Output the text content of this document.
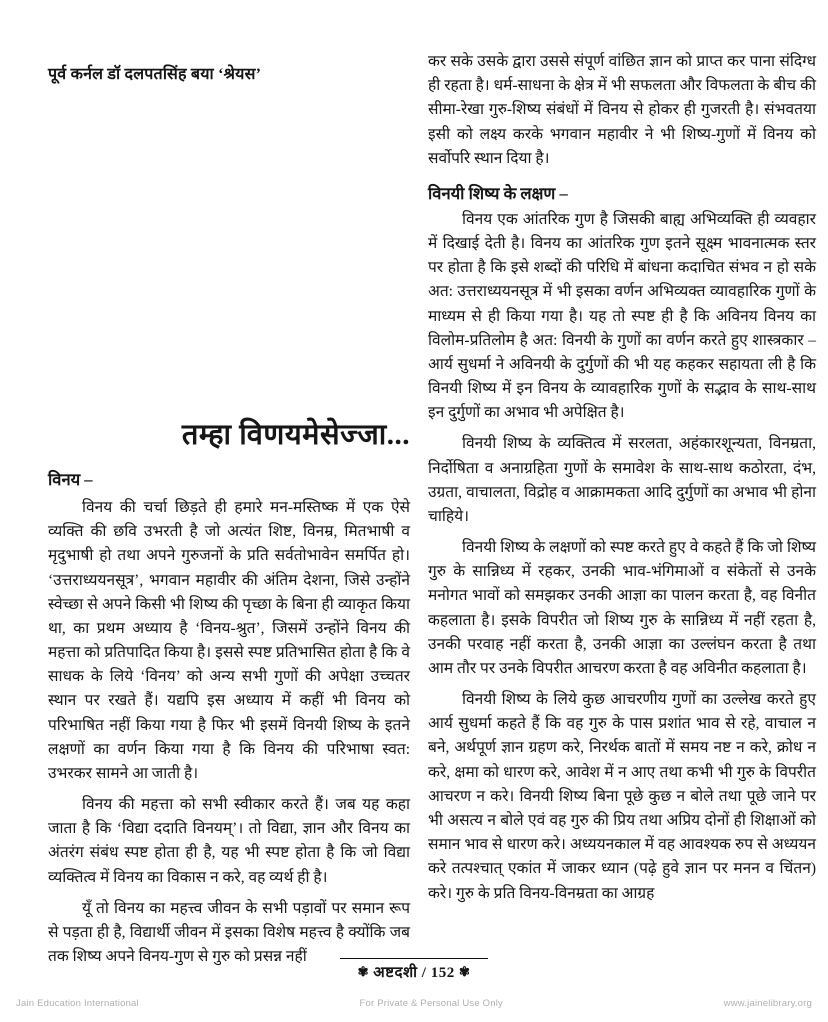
पूर्व कर्नल डॉ दलपतसिंह बया ‘श्रेयस’
तम्हा विणयमेसेज्जा...
विनय –

विनय की चर्चा छिड़ते ही हमारे मन-मस्तिष्क में एक ऐसे व्यक्ति की छवि उभरती है जो अत्यंत शिष्ट, विनम्र, मितभाषी व मृदुभाषी हो तथा अपने गुरुजनों के प्रति सर्वतोभावेन समर्पित हो। ‘उत्तराध्ययनसूत्र’, भगवान महावीर की अंतिम देशना, जिसे उन्होंने स्वेच्छा से अपने किसी भी शिष्य की पृच्छा के बिना ही व्याकृत किया था, का प्रथम अध्याय है ‘विनय-श्रुत’, जिसमें उन्होंने विनय की महत्ता को प्रतिपादित किया है। इससे स्पष्ट प्रतिभासित होता है कि वे साधक के लिये ‘विनय’ को अन्य सभी गुणों की अपेक्षा उच्चतर स्थान पर रखते हैं। यद्यपि इस अध्याय में कहीं भी विनय को परिभाषित नहीं किया गया है फिर भी इसमें विनयी शिष्य के इतने लक्षणों का वर्णन किया गया है कि विनय की परिभाषा स्वत: उभरकर सामने आ जाती है।

विनय की महत्ता को सभी स्वीकार करते हैं। जब यह कहा जाता है कि ‘विद्या ददाति विनयम्’। तो विद्या, ज्ञान और विनय का अंतरंग संबंध स्पष्ट होता ही है, यह भी स्पष्ट होता है कि जो विद्या व्यक्तित्व में विनय का विकास न करे, वह व्यर्थ ही है।

यूँ तो विनय का महत्त्व जीवन के सभी पड़ावों पर समान रूप से पड़ता ही है, विद्यार्थी जीवन में इसका विशेष महत्त्व है क्योंकि जब तक शिष्य अपने विनय-गुण से गुरु को प्रसन्न नहीं

कर सके उसके द्वारा उससे संपूर्ण वांछित ज्ञान को प्राप्त कर पाना संदिग्ध ही रहता है। धर्म-साधना के क्षेत्र में भी सफलता और विफलता के बीच की सीमा-रेखा गुरु-शिष्य संबंधों में विनय से होकर ही गुजरती है। संभवतया इसी को लक्ष्य करके भगवान महावीर ने भी शिष्य-गुणों में विनय को सर्वोपरि स्थान दिया है।

विनयी शिष्य के लक्षण –

विनय एक आंतरिक गुण है जिसकी बाह्य अभिव्यक्ति ही व्यवहार में दिखाई देती है। विनय का आंतरिक गुण इतने सूक्ष्म भावनात्मक स्तर पर होता है कि इसे शब्दों की परिधि में बांधना कदाचित संभव न हो सके अत: उत्तराध्ययनसूत्र में भी इसका वर्णन अभिव्यक्त व्यावहारिक गुणों के माध्यम से ही किया गया है। यह तो स्पष्ट ही है कि अविनय विनय का विलोम-प्रतिलोम है अत: विनयी के गुणों का वर्णन करते हुए शास्त्रकार – आर्य सुधर्मा ने अविनयी के दुर्गुणों की भी यह कहकर सहायता ली है कि विनयी शिष्य में इन विनय के व्यावहारिक गुणों के सद्भाव के साथ-साथ इन दुर्गुणों का अभाव भी अपेक्षित है।

विनयी शिष्य के व्यक्तित्व में सरलता, अहंकारशून्यता, विनम्रता, निर्दोषिता व अनाग्रहिता गुणों के समावेश के साथ-साथ कठोरता, दंभ, उग्रता, वाचालता, विद्रोह व आक्रामकता आदि दुर्गुणों का अभाव भी होना चाहिये।

विनयी शिष्य के लक्षणों को स्पष्ट करते हुए वे कहते हैं कि जो शिष्य गुरु के सान्निध्य में रहकर, उनकी भाव-भंगिमाओं व संकेतों से उनके मनोगत भावों को समझकर उनकी आज्ञा का पालन करता है, वह विनीत कहलाता है। इसके विपरीत जो शिष्य गुरु के सान्निध्य में नहीं रहता है, उनकी परवाह नहीं करता है, उनकी आज्ञा का उल्लंघन करता है तथा आम तौर पर उनके विपरीत आचरण करता है वह अविनीत कहलाता है।

विनयी शिष्य के लिये कुछ आचरणीय गुणों का उल्लेख करते हुए आर्य सुधर्मा कहते हैं कि वह गुरु के पास प्रशांत भाव से रहे, वाचाल न बने, अर्थपूर्ण ज्ञान ग्रहण करे, निरर्थक बातों में समय नष्ट न करे, क्रोध न करे, क्षमा को धारण करे, आवेश में न आए तथा कभी भी गुरु के विपरीत आचरण न करे। विनयी शिष्य बिना पूछे कुछ न बोले तथा पूछे जाने पर भी असत्य न बोले एवं वह गुरु की प्रिय तथा अप्रिय दोनों ही शिक्षाओं को समान भाव से धारण करे। अध्ययनकाल में वह आवश्यक रुप से अध्ययन करे तत्पश्चात् एकांत में जाकर ध्यान (पढ़े हुवे ज्ञान पर मनन व चिंतन) करे। गुरु के प्रति विनय-विनम्रता का आग्रह

✾ अष्टदशी / 152 ✾
Jain Education International	For Private & Personal Use Only	www.jainelibrary.org
